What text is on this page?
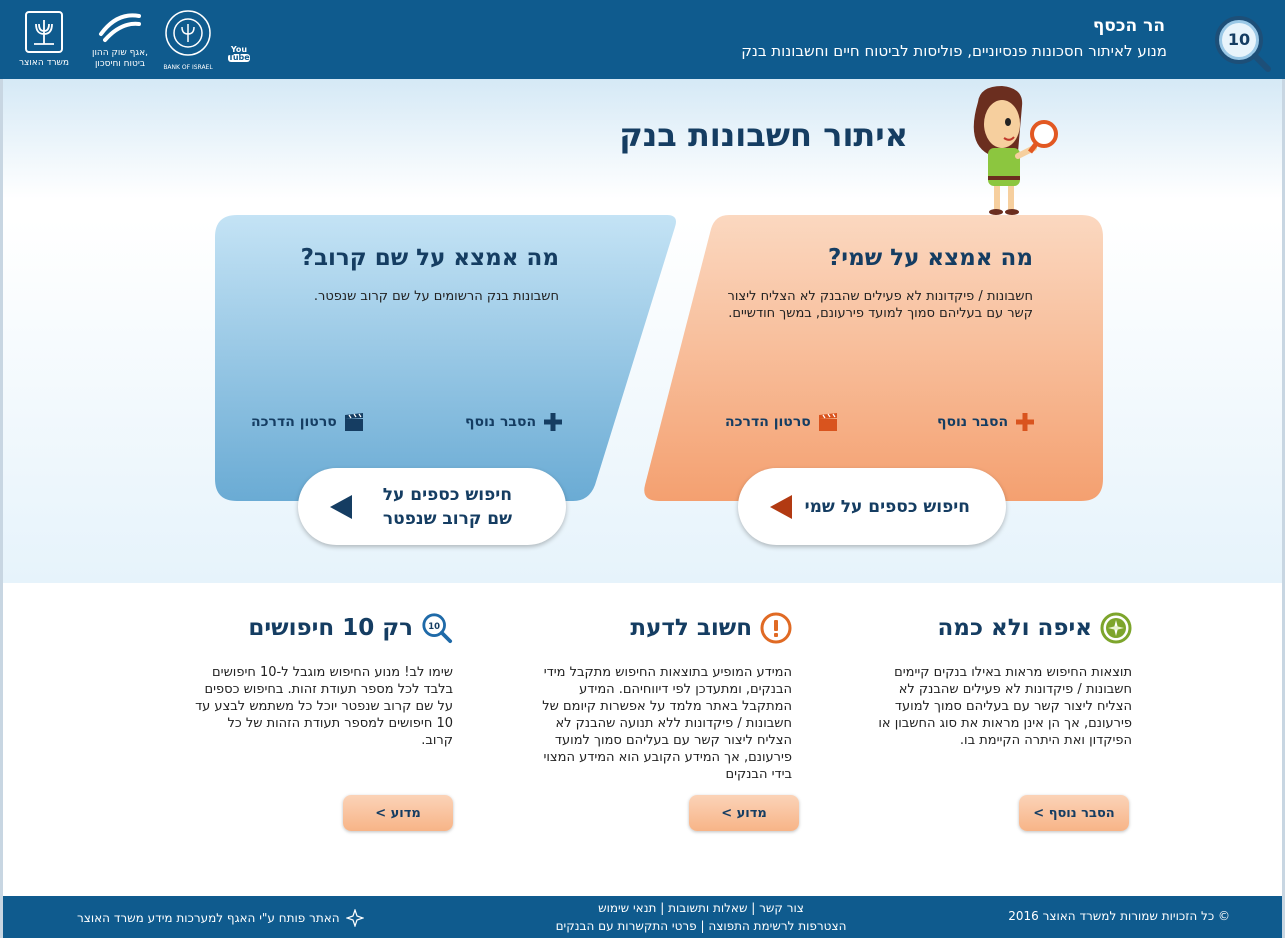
10
הר הכסף
מנוע לאיתור חסכונות פנסיוניים, פוליסות לביטוח חיים וחשבונות בנק
משרד האוצר
אגף שוק ההון,
ביטוח וחיסכון	BANK OF ISRAEL
You
Tube
איתור חשבונות בנק
מה אמצא על שם קרוב?

חשבונות בנק הרשומים על שם קרוב שנפטר.

הסבר נוסף
סרטון הדרכה
מה אמצא על שמי?

חשבונות / פיקדונות לא פעילים שהבנק לא הצליח ליצור קשר עם בעליהם סמוך למועד פירעונם, במשך חודשיים.

הסבר נוסף
סרטון הדרכה
חיפוש כספים על
שם קרוב שנפטר
חיפוש כספים על שמי
איפה ולא כמה

תוצאות החיפוש מראות באילו בנקים קיימים חשבונות / פיקדונות לא פעילים שהבנק לא הצליח ליצור קשר עם בעליהם סמוך למועד פירעונם, אך הן אינן מראות את סוג החשבון או הפיקדון ואת היתרה הקיימת בו.

חשוב לדעת

המידע המופיע בתוצאות החיפוש מתקבל מידי הבנקים, ומתעדכן לפי דיווחיהם. המידע המתקבל באתר מלמד על אפשרות קיומם של חשבונות / פיקדונות ללא תנועה שהבנק לא הצליח ליצור קשר עם בעליהם סמוך למועד פירעונם, אך המידע הקובע הוא המידע המצוי בידי הבנקים

10
רק 10 חיפושים

שימו לב! מנוע החיפוש מוגבל ל-10 חיפושים בלבד לכל מספר תעודת זהות. בחיפוש כספים על שם קרוב שנפטר יוכל כל משתמש לבצע עד 10 חיפושים למספר תעודת הזהות של כל קרוב.

הסבר נוסף >
מדוע >
מדוע >
© כל הזכויות שמורות למשרד האוצר 2016
צור קשר | שאלות ותשובות | תנאי שימוש
הצטרפות לרשימת התפוצה | פרטי התקשרות עם הבנקים
האתר פותח ע"י האגף למערכות מידע משרד האוצר
